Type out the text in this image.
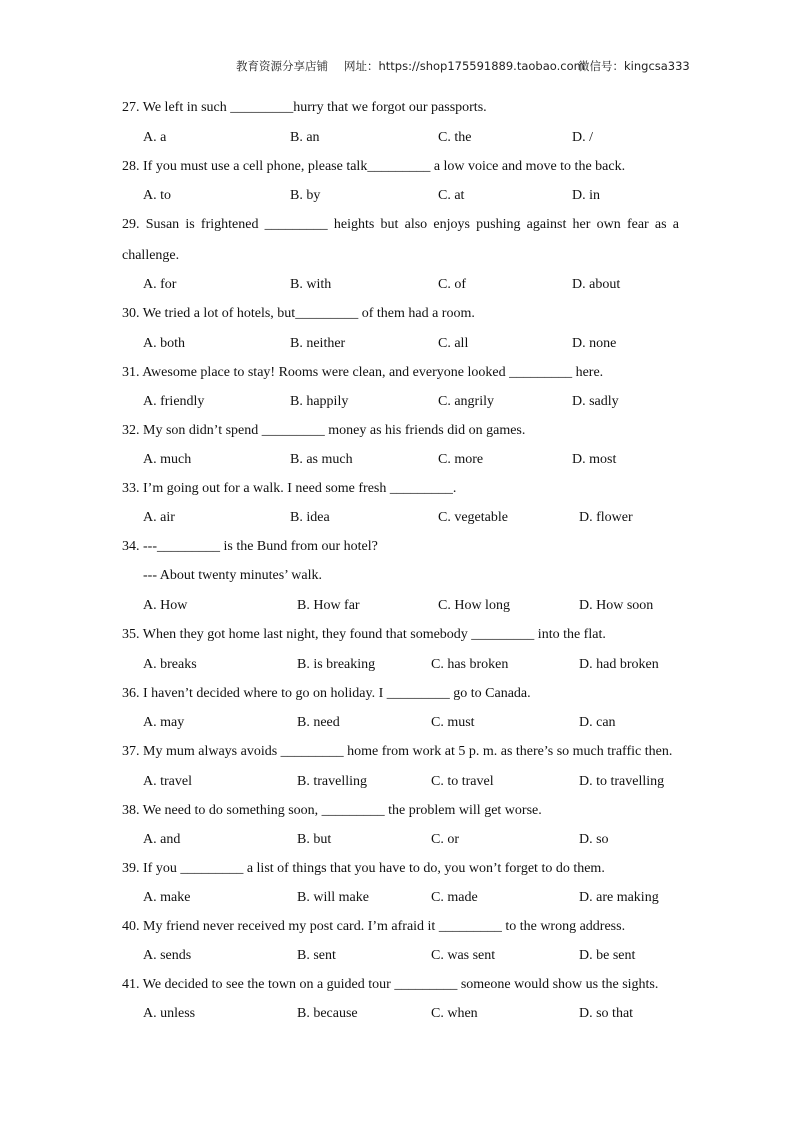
教育资源分享店铺 网址：https://shop175591889.taobao.com
微信号：kingcsa333
27. We left in such _________hurry that we forgot our passports.
A. a	B. an	C. the	D. /
28. If you must use a cell phone, please talk_________ a low voice and move to the back.
A. to	B. by	C. at	D. in
29. Susan is frightened _________ heights but also enjoys pushing against her own fear as a
challenge.
A. for	B. with	C. of	D. about
30. We tried a lot of hotels, but_________ of them had a room.
A. both	B. neither	C. all	D. none
31. Awesome place to stay! Rooms were clean, and everyone looked _________ here.
A. friendly	B. happily	C. angrily	D. sadly
32. My son didn’t spend _________ money as his friends did on games.
A. much	B. as much	C. more	D. most
33. I’m going out for a walk. I need some fresh _________.
A. air	B. idea	C. vegetable	D. flower
34. ---_________ is the Bund from our hotel?
--- About twenty minutes’ walk.
A. How	B. How far	C. How long	D. How soon
35. When they got home last night, they found that somebody _________ into the flat.
A. breaks	B. is breaking	C. has broken	D. had broken
36. I haven’t decided where to go on holiday. I _________ go to Canada.
A. may	B. need	C. must	D. can
37. My mum always avoids _________ home from work at 5 p. m. as there’s so much traffic then.
A. travel	B. travelling	C. to travel	D. to travelling
38. We need to do something soon, _________ the problem will get worse.
A. and	B. but	C. or	D. so
39. If you _________ a list of things that you have to do, you won’t forget to do them.
A. make	B. will make	C. made	D. are making
40. My friend never received my post card. I’m afraid it _________ to the wrong address.
A. sends	B. sent	C. was sent	D. be sent
41. We decided to see the town on a guided tour _________ someone would show us the sights.
A. unless	B. because	C. when	D. so that
